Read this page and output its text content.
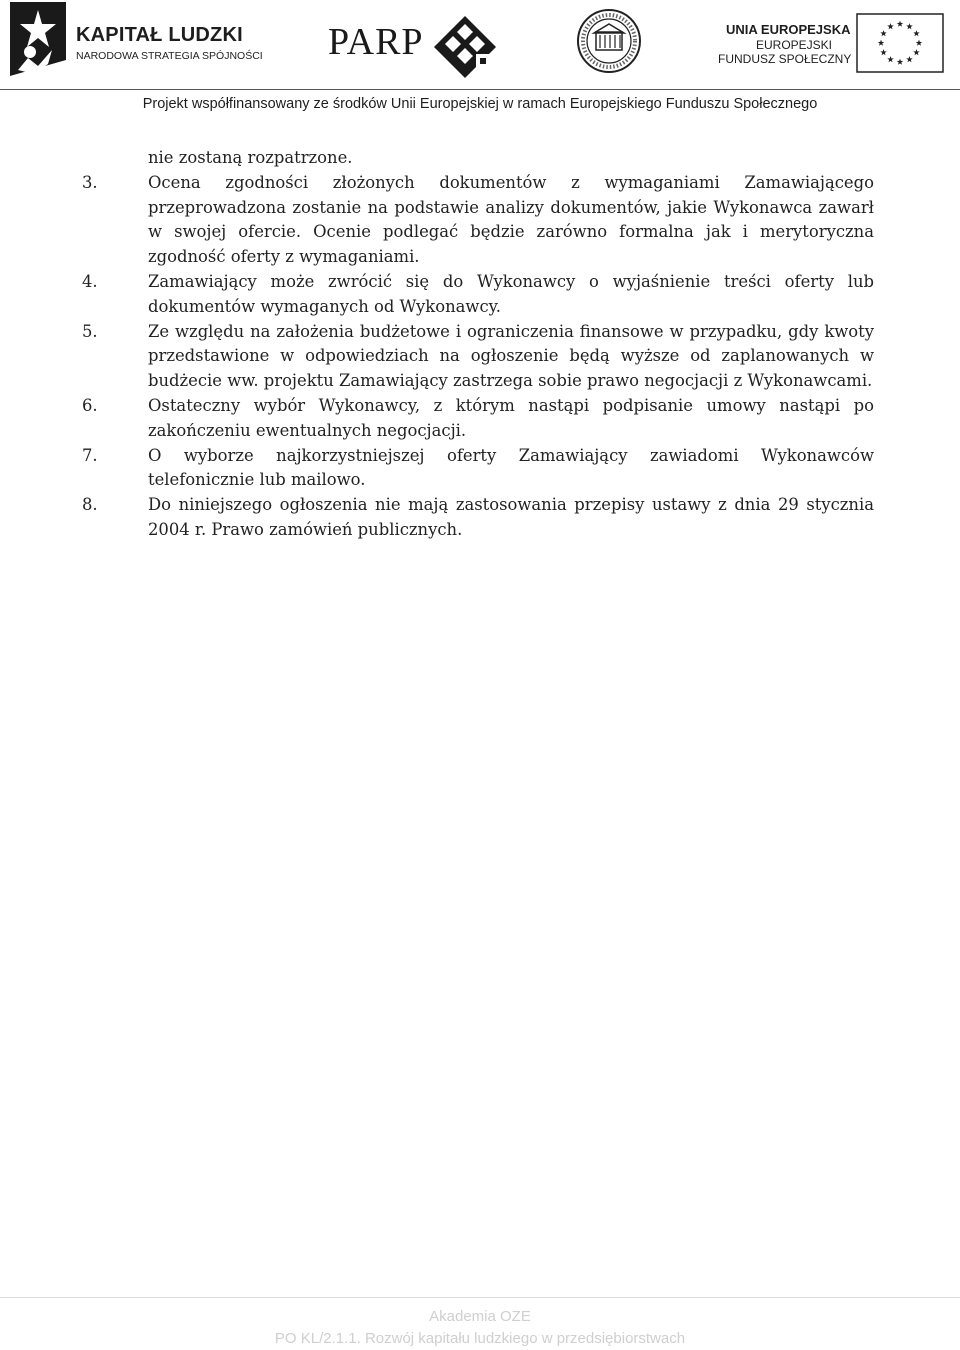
KAPITAŁ LUDZKI
NARODOWA STRATEGIA SPÓJNOŚCI PARP	UNIA EUROPEJSKA
EUROPEJSKI
FUNDUSZ SPOŁECZNY
Projekt współfinansowany ze środków Unii Europejskiej w ramach Europejskiego Funduszu Społecznego
nie zostaną rozpatrzone.
3.	Ocena zgodności złożonych dokumentów z wymaganiami Zamawiającego przeprowadzona zostanie na podstawie analizy dokumentów, jakie Wykonawca zawarł w swojej ofercie. Ocenie podlegać będzie zarówno formalna jak i merytoryczna zgodność oferty z wymaganiami.
4.	Zamawiający może zwrócić się do Wykonawcy o wyjaśnienie treści oferty lub dokumentów wymaganych od Wykonawcy.
5.	Ze względu na założenia budżetowe i ograniczenia finansowe w przypadku, gdy kwoty przedstawione w odpowiedziach na ogłoszenie będą wyższe od zaplanowanych w budżecie ww. projektu Zamawiający zastrzega sobie prawo negocjacji z Wykonawcami.
6.	Ostateczny wybór Wykonawcy, z którym nastąpi podpisanie umowy nastąpi po zakończeniu ewentualnych negocjacji.
7.	O wyborze najkorzystniejszej oferty Zamawiający zawiadomi Wykonawców telefonicznie lub mailowo.
8.	Do niniejszego ogłoszenia nie mają zastosowania przepisy ustawy z dnia 29 stycznia 2004 r. Prawo zamówień publicznych.
Akademia OZE
PO KL/2.1.1. Rozwój kapitału ludzkiego w przedsiębiorstwach
